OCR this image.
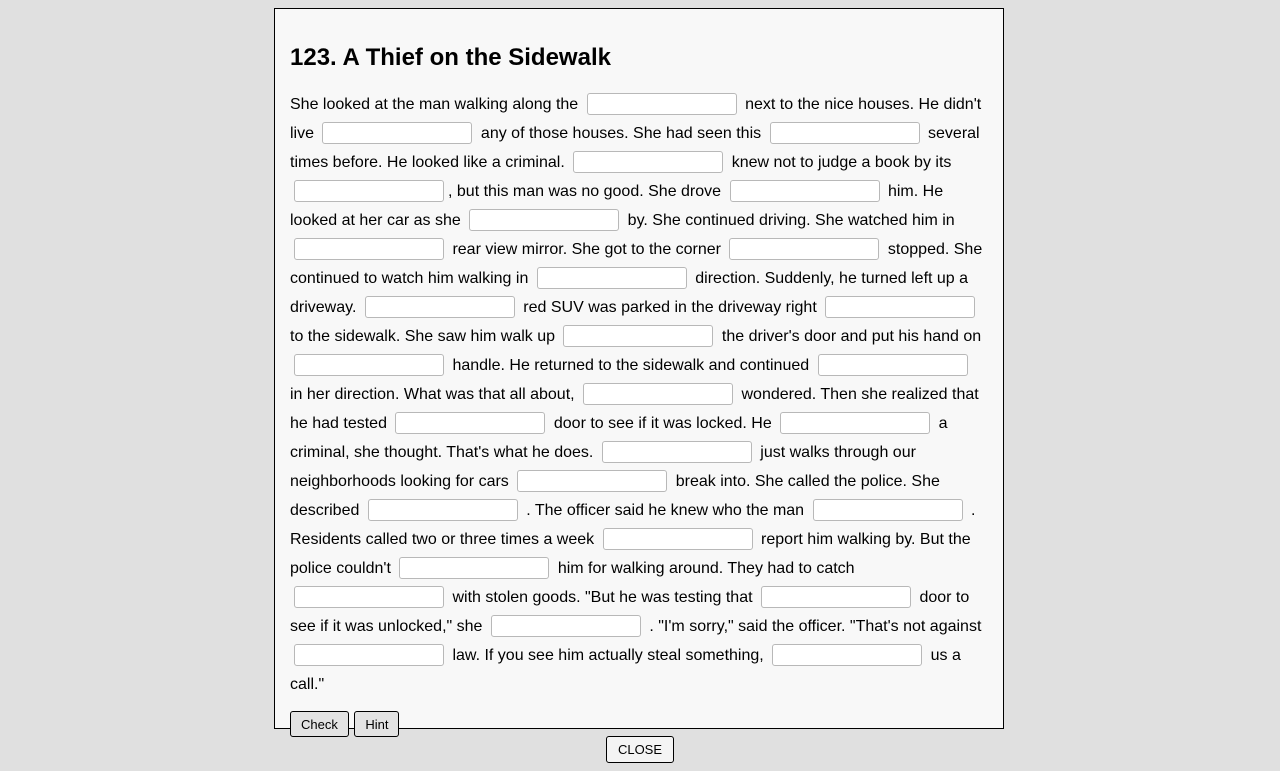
123. A Thief on the Sidewalk
She looked at the man walking along the	next to the nice houses. He didn't live	any of those houses. She had seen this	several times before. He looked like a criminal.	knew not to judge a book by its , but this man was no good. She drove	him. He looked at her car as she	by. She continued driving. She watched him in  rear view mirror. She got to the corner	stopped. She continued to watch him walking in	direction. Suddenly, he turned left up a driveway.	red SUV was parked in the driveway right  to the sidewalk. She saw him walk up	the driver's door and put his hand on  handle. He returned to the sidewalk and continued  in her direction. What was that all about,	wondered. Then she realized that he had tested	door to see if it was locked. He	a criminal, she thought. That's what he does.	just walks through our neighborhoods looking for cars	break into. She called the police. She described	. The officer said he knew who the man	. Residents called two or three times a week	report him walking by. But the police couldn't	him for walking around. They had to catch  with stolen goods. "But he was testing that	door to see if it was unlocked," she	. "I'm sorry," said the officer. "That's not against  law. If you see him actually steal something,	us a call."
Check Hint
CLOSE
